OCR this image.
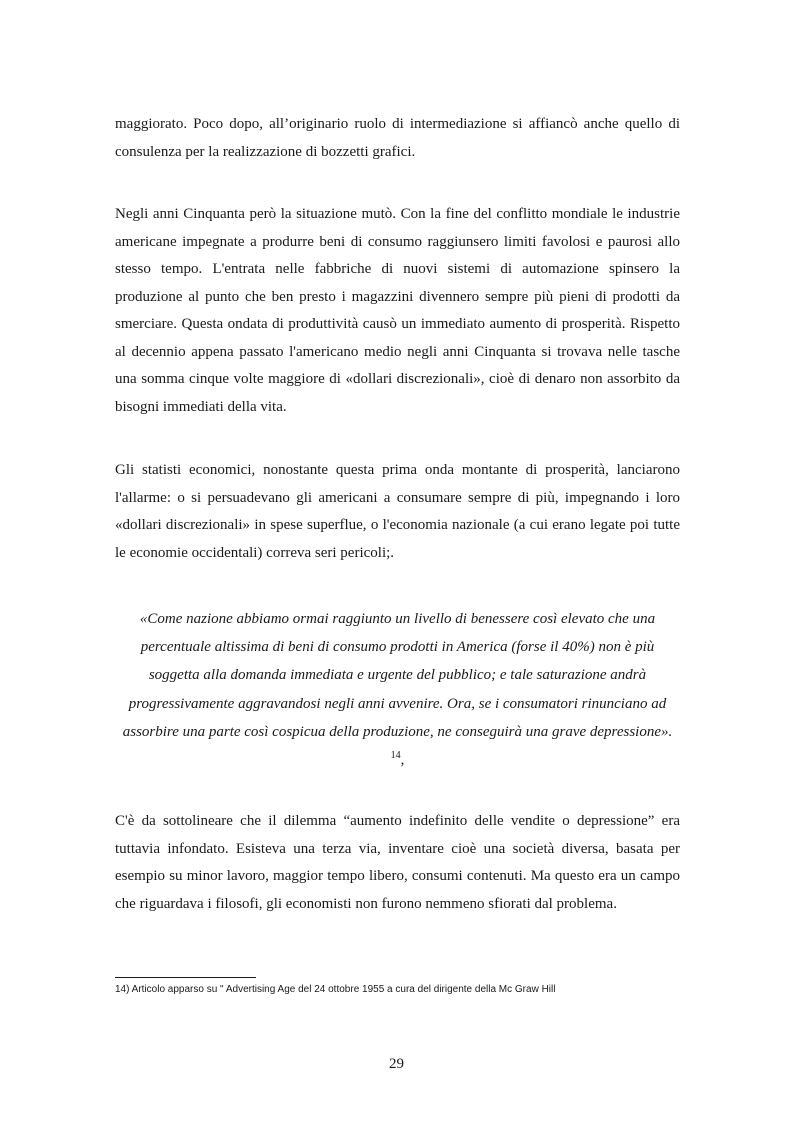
maggiorato. Poco dopo, all’originario ruolo di intermediazione si affiancò anche quello di consulenza per la realizzazione di bozzetti grafici.
Negli anni Cinquanta però la situazione mutò. Con la fine del conflitto mondiale le industrie americane impegnate a produrre beni di consumo raggiunsero limiti favolosi e paurosi allo stesso tempo. L'entrata nelle fabbriche di nuovi sistemi di automazione spinsero la produzione al punto che ben presto i magazzini divennero sempre più pieni di prodotti da smerciare. Questa ondata di produttività causò un immediato aumento di prosperità. Rispetto al decennio appena passato l'americano medio negli anni Cinquanta si trovava nelle tasche una somma cinque volte maggiore di «dollari discrezionali», cioè di denaro non assorbito da bisogni immediati della vita.
Gli statisti economici, nonostante questa prima onda montante di prosperità, lanciarono l'allarme: o si persuadevano gli americani a consumare sempre di più, impegnando i loro «dollari discrezionali» in spese superflue, o l'economia nazionale (a cui erano legate poi tutte le economie occidentali) correva seri pericoli;.
«Come nazione abbiamo ormai raggiunto un livello di benessere così elevato che una percentuale altissima di beni di consumo prodotti in America (forse il 40%) non è più soggetta alla domanda immediata e urgente del pubblico; e tale saturazione andrà progressivamente aggravandosi negli anni avvenire. Ora, se i consumatori rinunciano ad assorbire una parte così cospicua della produzione, ne conseguirà una grave depressione». $^{14}$,
C'è da sottolineare che il dilemma “aumento indefinito delle vendite o depressione” era tuttavia infondato. Esisteva una terza via, inventare cioè una società diversa, basata per esempio su minor lavoro, maggior tempo libero, consumi contenuti. Ma questo era un campo che riguardava i filosofi, gli economisti non furono nemmeno sfiorati dal problema.
14) Articolo apparso su " Advertising Age del 24 ottobre 1955 a cura del dirigente della Mc Graw Hill
29
